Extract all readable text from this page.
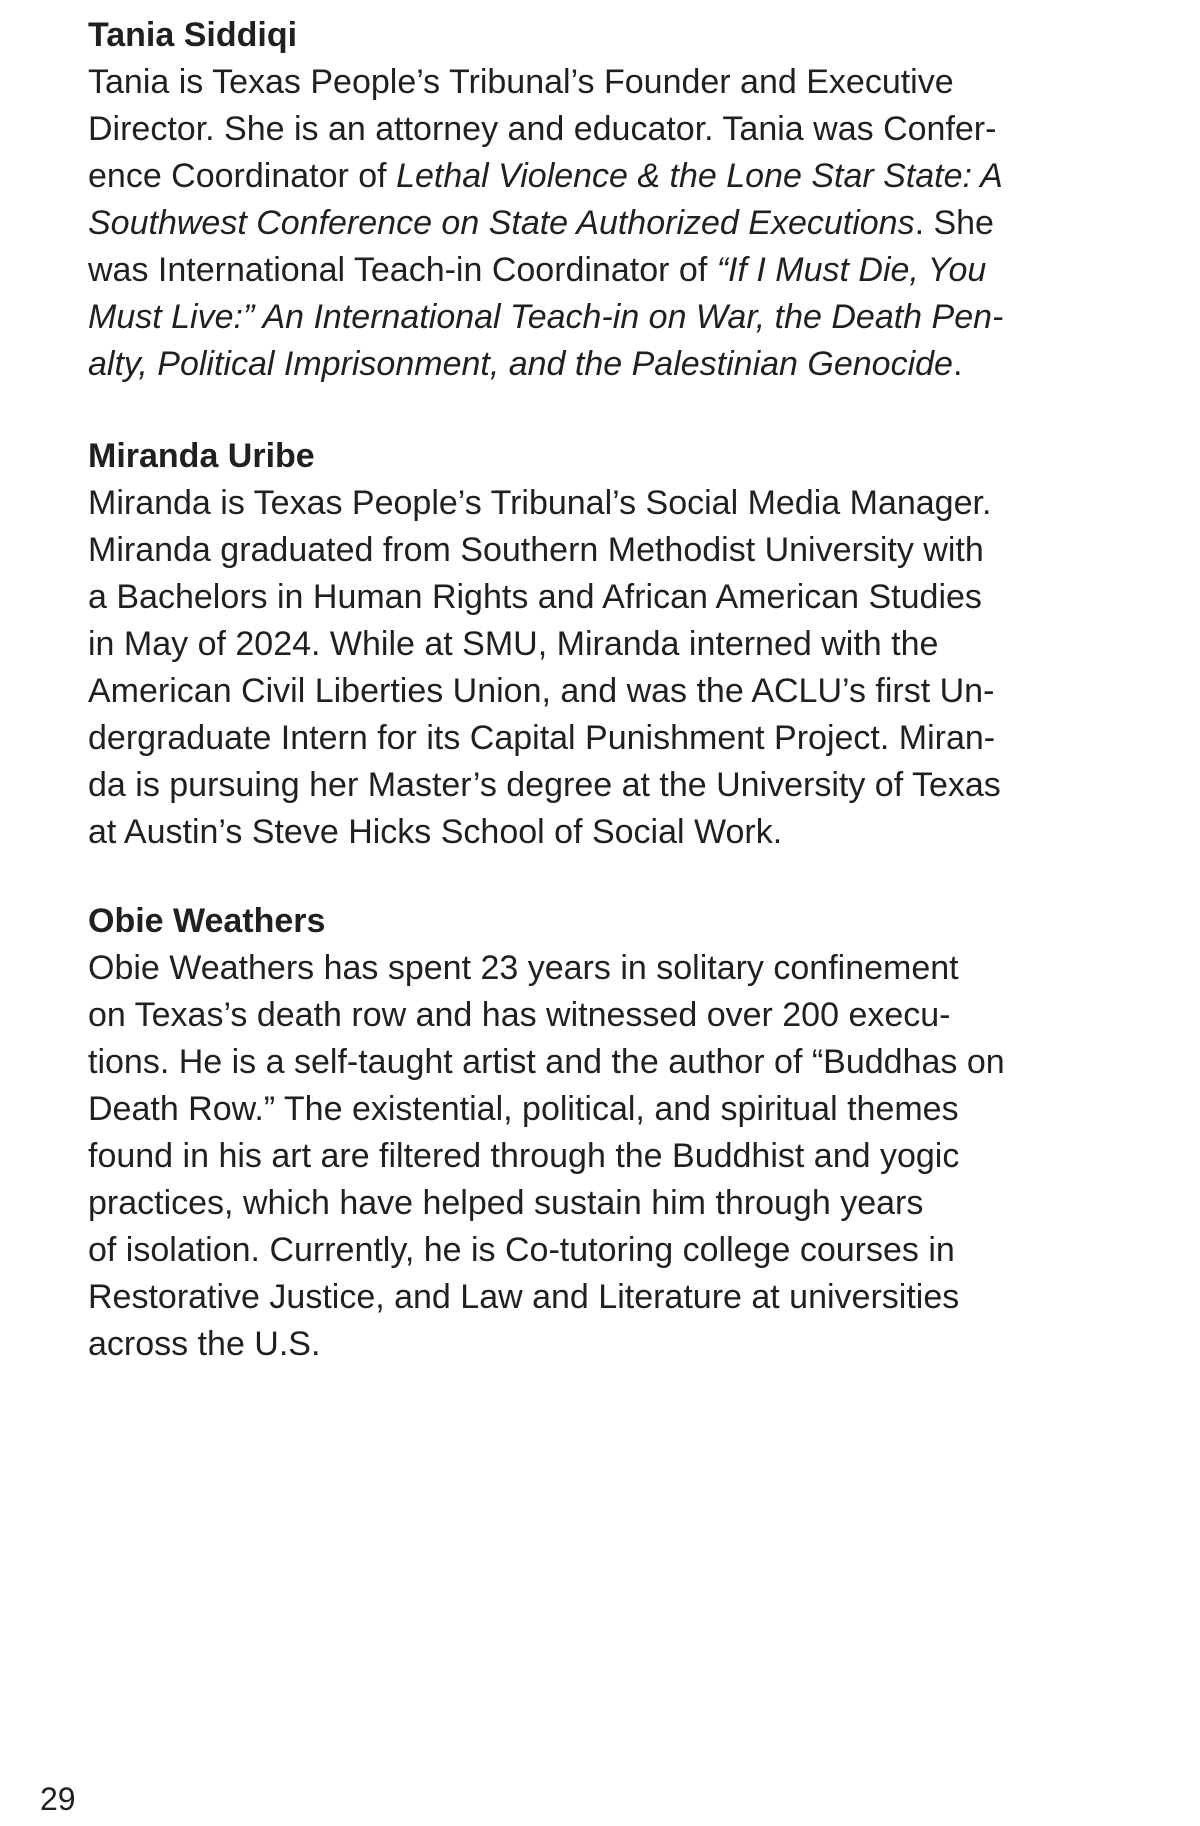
Tania Siddiqi

Tania is Texas People’s Tribunal’s Founder and Executive

Director. She is an attorney and educator. Tania was Confer-

ence Coordinator of Lethal Violence & the Lone Star State: A

Southwest Conference on State Authorized Executions. She

was International Teach-in Coordinator of “If I Must Die, You

Must Live:” An International Teach-in on War, the Death Pen-

alty, Political Imprisonment, and the Palestinian Genocide.

Miranda Uribe

Miranda is Texas People’s Tribunal’s Social Media Manager.

Miranda graduated from Southern Methodist University with

a Bachelors in Human Rights and African American Studies

in May of 2024. While at SMU, Miranda interned with the

American Civil Liberties Union, and was the ACLU’s first Un-

dergraduate Intern for its Capital Punishment Project. Miran-

da is pursuing her Master’s degree at the University of Texas

at Austin’s Steve Hicks School of Social Work.

Obie Weathers

Obie Weathers has spent 23 years in solitary confinement

on Texas’s death row and has witnessed over 200 execu-

tions. He is a self-taught artist and the author of “Buddhas on

Death Row.” The existential, political, and spiritual themes

found in his art are filtered through the Buddhist and yogic

practices, which have helped sustain him through years

of isolation. Currently, he is Co-tutoring college courses in

Restorative Justice, and Law and Literature at universities

across the U.S.

29
